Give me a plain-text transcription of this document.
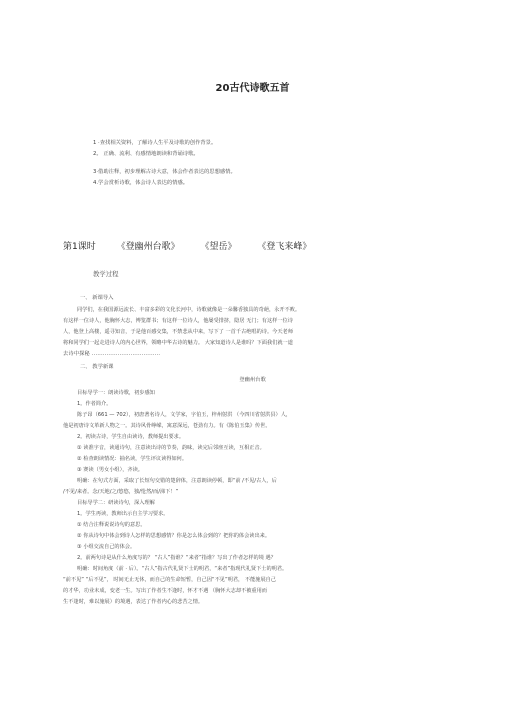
20古代诗歌五首
1 ·查找相关资料，了解诗人生平及诗歌的创作背景。
2。 正确、流利、有感情地朗读和背诵诗歌。
3·借助注释，初步理解古诗大意，体会作者表达的思想感情。
4.学会赏析诗歌，体会诗人表达的情感。
第1课时 《登幽州台歌》 《望岳》 《登飞来峰》
教学过程
一、 新课导入
同学们，在我国源远流长、丰富多彩的文化长河中，诗歌就像是一朵馨香独具的奇葩，永开不败。
有这样一位诗人，他胸怀大志，博览群书；有这样一位诗人，他屡受排挤，隐居 无门；有这样一位诗
人，他登上高楼，遥寻知音，于是他百感交集，不禁悲从中来，写下了 一首千古绝唱的诗。今天老师
将和同学们一起走进诗人的内心世界，领略中华古诗的魅力。 大家知道诗人是谁吗？下面我们就一道
去诗中探秘 .....................................
二、 教学新课
登幽州台歌
目标导学一：朗读诗歌，初步感知
1。作者简介。
陈子昂（661 — 702），初唐著名诗人，文学家，字伯玉，梓州射洪 （今四川省射洪县）人，
他是初唐诗文革新人物之一。其诗风骨峥嵘，寓意深远，苍劲有力。有《陈伯玉集》传世。
2。初读古诗，学生自由读诗，教师提出要求。
① 读准字音，读通诗句，注意读出诗的节奏，韵味，读完后邻座互读，互相正音。
② 检查朗读情况：抽名读，学生评议读得如何。
③ 赛读（男女小组），齐读。
明确：在句式方面，采取了长短句交错的楚辞体，注意朗读停顿，即“前 /不见/古人，后
/不见/来者。念/天地/之/悠悠，独/怆然/而/涕下！”
目标导学二：研读诗句，深入理解
1。学生再读，教师出示自主学习要求。
① 结合注释说说诗句的意思。
② 你从诗句中体会到诗人怎样的思想感情？你是怎么体会到的？把你的体会读出来。
③ 小组交流自己的体会。
2。前两句诗是从什么角度写的？ “古人”指谁？“来者”指谁？写出了作者怎样的境 遇？
明确：时间角度（前 · 后）。“古人”指古代礼贤下士的明君，“来者”指现代礼贤下士的明君。
“前不见” “后不见”， 时间无止无休，而自己的生命短暂，自己因“不见”明君， 不能施展自己
的才华，功业未成，变老一生。写出了作者生不逢时，怀才不遇 （胸怀大志却不被重用而
生不逢时，难以施展）的境遇，表达了作者内心的悲苦之情。
